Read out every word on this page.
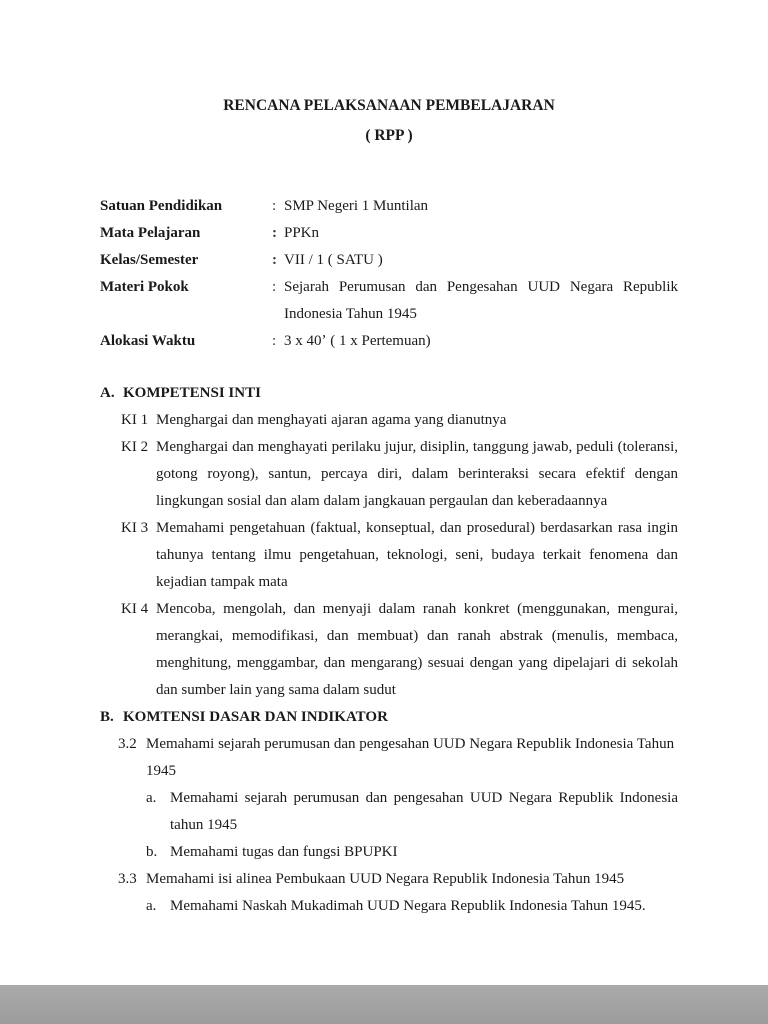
RENCANA PELAKSANAAN PEMBELAJARAN

( RPP )

Satuan Pendidikan	: SMP Negeri 1 Muntilan
Mata Pelajaran	: PPKn
Kelas/Semester	: VII / 1 ( SATU )
Materi Pokok	: Sejarah Perumusan dan Pengesahan UUD Negara Republik Indonesia Tahun 1945
Alokasi Waktu	: 3 x 40ʼ ( 1 x Pertemuan)
A. KOMPETENSI INTI
KI 1 Menghargai dan menghayati ajaran agama yang dianutnya
KI 2 Menghargai dan menghayati perilaku jujur, disiplin, tanggung jawab, peduli (toleransi, gotong royong), santun, percaya diri, dalam berinteraksi secara efektif dengan lingkungan sosial dan alam dalam jangkauan pergaulan dan keberadaannya
KI 3 Memahami pengetahuan (faktual, konseptual, dan prosedural) berdasarkan rasa ingin tahunya tentang ilmu pengetahuan, teknologi, seni, budaya terkait fenomena dan kejadian tampak mata
KI 4 Mencoba, mengolah, dan menyaji dalam ranah konkret (menggunakan, mengurai, merangkai, memodifikasi, dan membuat) dan ranah abstrak (menulis, membaca, menghitung, menggambar, dan mengarang) sesuai dengan yang dipelajari di sekolah dan sumber lain yang sama dalam sudut
B. KOMTENSI DASAR DAN INDIKATOR
3.2 Memahami sejarah perumusan dan pengesahan UUD Negara Republik Indonesia Tahun 1945
a. Memahami sejarah perumusan dan pengesahan UUD Negara Republik Indonesia tahun 1945
b. Memahami tugas dan fungsi BPUPKI
3.3 Memahami isi alinea Pembukaan UUD Negara Republik Indonesia Tahun 1945
a. Memahami Naskah Mukadimah UUD Negara Republik Indonesia Tahun 1945.
